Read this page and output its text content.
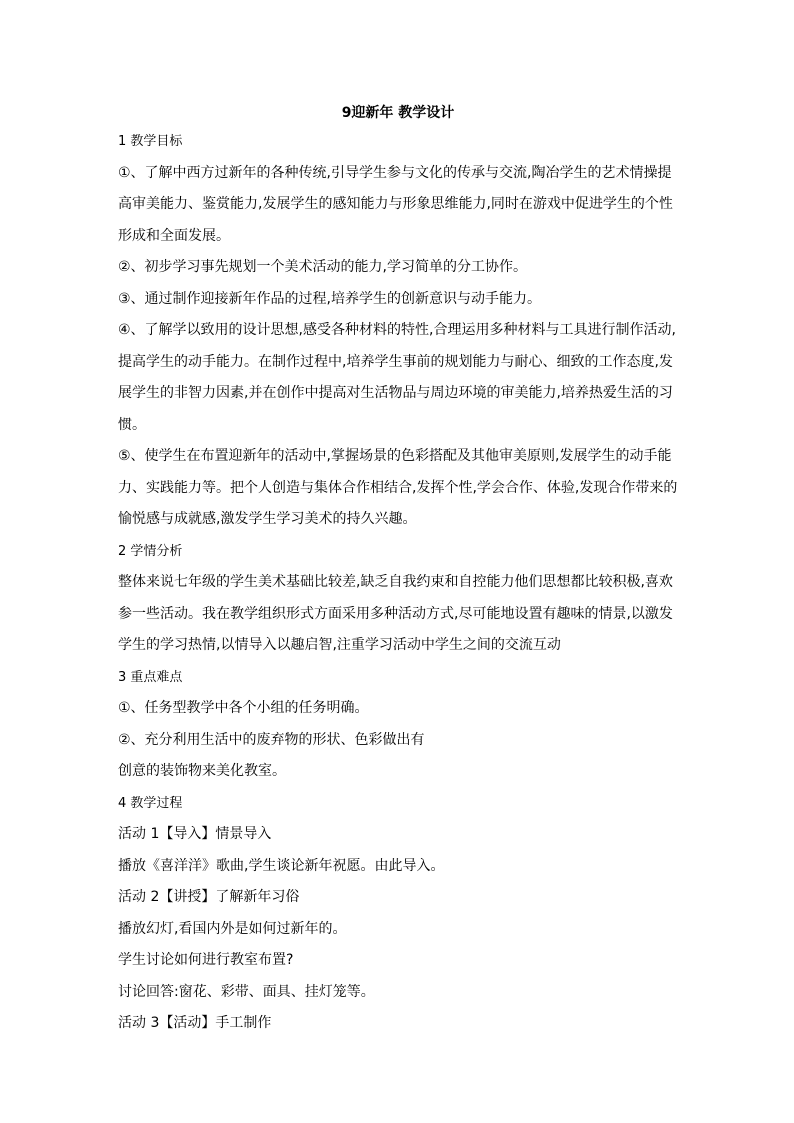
9迎新年 教学设计
1 教学目标
①、了解中西方过新年的各种传统,引导学生参与文化的传承与交流,陶冶学生的艺术情操提
高审美能力、鉴赏能力,发展学生的感知能力与形象思维能力,同时在游戏中促进学生的个性
形成和全面发展。
②、初步学习事先规划一个美术活动的能力,学习简单的分工协作。
③、通过制作迎接新年作品的过程,培养学生的创新意识与动手能力。
④、了解学以致用的设计思想,感受各种材料的特性,合理运用多种材料与工具进行制作活动,
提高学生的动手能力。在制作过程中,培养学生事前的规划能力与耐心、细致的工作态度,发
展学生的非智力因素,并在创作中提高对生活物品与周边环境的审美能力,培养热爱生活的习
惯。
⑤、使学生在布置迎新年的活动中,掌握场景的色彩搭配及其他审美原则,发展学生的动手能
力、实践能力等。把个人创造与集体合作相结合,发挥个性,学会合作、体验,发现合作带来的
愉悦感与成就感,激发学生学习美术的持久兴趣。
2 学情分析
整体来说七年级的学生美术基础比较差,缺乏自我约束和自控能力他们思想都比较积极,喜欢
参一些活动。我在教学组织形式方面采用多种活动方式,尽可能地设置有趣味的情景,以激发
学生的学习热情,以情导入以趣启智,注重学习活动中学生之间的交流互动
3 重点难点
①、任务型教学中各个小组的任务明确。
②、充分利用生活中的废弃物的形状、色彩做出有
创意的装饰物来美化教室。
4 教学过程
活动 1【导入】情景导入
播放《喜洋洋》歌曲,学生谈论新年祝愿。由此导入。
活动 2【讲授】了解新年习俗
播放幻灯,看国内外是如何过新年的。
学生讨论如何进行教室布置?
讨论回答:窗花、彩带、面具、挂灯笼等。
活动 3【活动】手工制作
